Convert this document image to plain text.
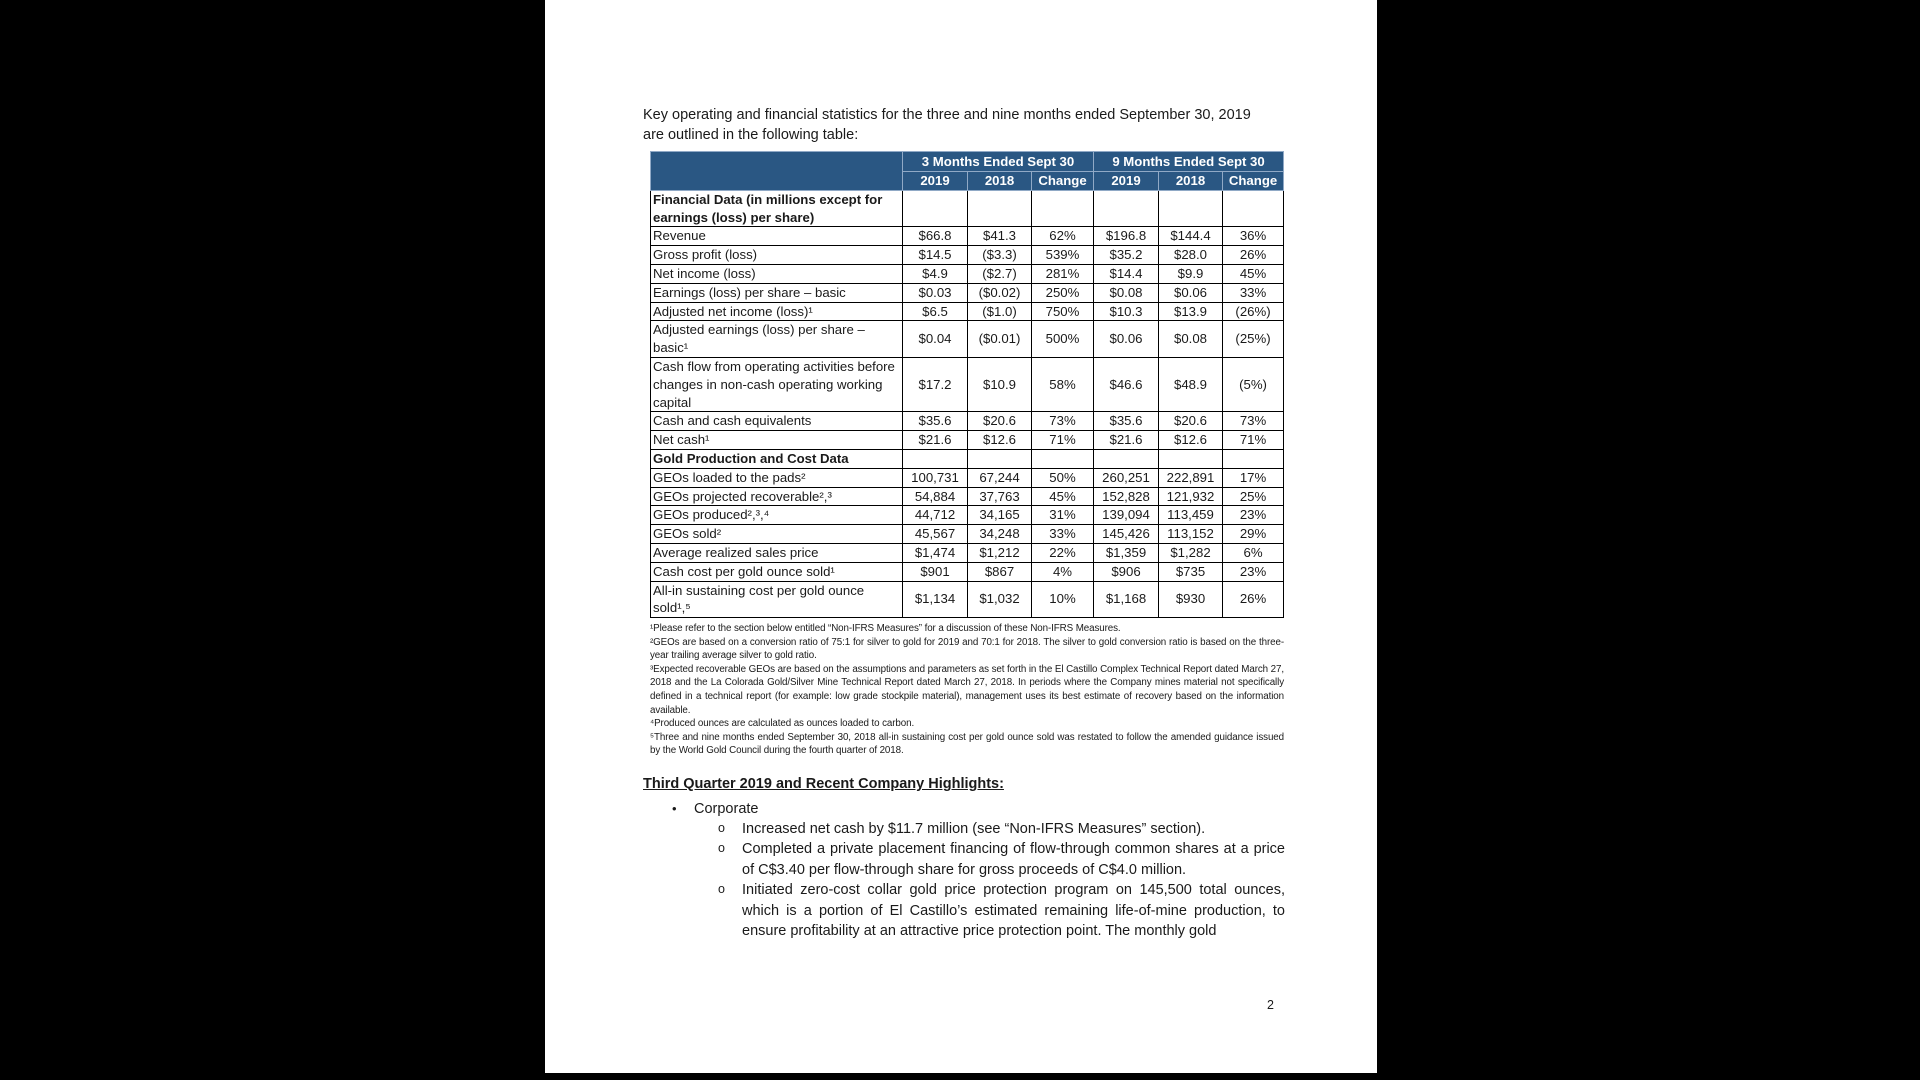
Key operating and financial statistics for the three and nine months ended September 30, 2019
are outlined in the following table:
	3 Months Ended Sept 30			9 Months Ended Sept 30		
	2019	2018	Change	2019	2018	Change
Financial Data (in millions except for earnings (loss) per share)						
Revenue	$66.8	$41.3	62%	$196.8	$144.4	36%
Gross profit (loss)	$14.5	($3.3)	539%	$35.2	$28.0	26%
Net income (loss)	$4.9	($2.7)	281%	$14.4	$9.9	45%
Earnings (loss) per share – basic	$0.03	($0.02)	250%	$0.08	$0.06	33%
Adjusted net income (loss)¹	$6.5	($1.0)	750%	$10.3	$13.9	(26%)
Adjusted earnings (loss) per share – basic¹	$0.04	($0.01)	500%	$0.06	$0.08	(25%)
Cash flow from operating activities before changes in non-cash operating working capital	$17.2	$10.9	58%	$46.6	$48.9	(5%)
Cash and cash equivalents	$35.6	$20.6	73%	$35.6	$20.6	73%
Net cash¹	$21.6	$12.6	71%	$21.6	$12.6	71%
Gold Production and Cost Data						
GEOs loaded to the pads²	100,731	67,244	50%	260,251	222,891	17%
GEOs projected recoverable²,³	54,884	37,763	45%	152,828	121,932	25%
GEOs produced²,³,⁴	44,712	34,165	31%	139,094	113,459	23%
GEOs sold²	45,567	34,248	33%	145,426	113,152	29%
Average realized sales price	$1,474	$1,212	22%	$1,359	$1,282	6%
Cash cost per gold ounce sold¹	$901	$867	4%	$906	$735	23%
All-in sustaining cost per gold ounce sold¹,⁵	$1,134	$1,032	10%	$1,168	$930	26%

¹Please refer to the section below entitled “Non-IFRS Measures” for a discussion of these Non-IFRS Measures.

²GEOs are based on a conversion ratio of 75:1 for silver to gold for 2019 and 70:1 for 2018. The silver to gold conversion ratio is based on the three-year trailing average silver to gold ratio.

³Expected recoverable GEOs are based on the assumptions and parameters as set forth in the El Castillo Complex Technical Report dated March 27, 2018 and the La Colorada Gold/Silver Mine Technical Report dated March 27, 2018. In periods where the Company mines material not specifically defined in a technical report (for example: low grade stockpile material), management uses its best estimate of recovery based on the information available.

⁴Produced ounces are calculated as ounces loaded to carbon.

⁵Three and nine months ended September 30, 2018 all-in sustaining cost per gold ounce sold was restated to follow the amended guidance issued by the World Gold Council during the fourth quarter of 2018.

Third Quarter 2019 and Recent Company Highlights:
• Corporate
o Increased net cash by $11.7 million (see “Non-IFRS Measures” section).
o Completed a private placement financing of flow-through common shares at a price of C$3.40 per flow-through share for gross proceeds of C$4.0 million.
o Initiated zero-cost collar gold price protection program on 145,500 total ounces, which is a portion of El Castillo’s estimated remaining life-of-mine production, to ensure profitability at an attractive price protection point. The monthly gold
2
